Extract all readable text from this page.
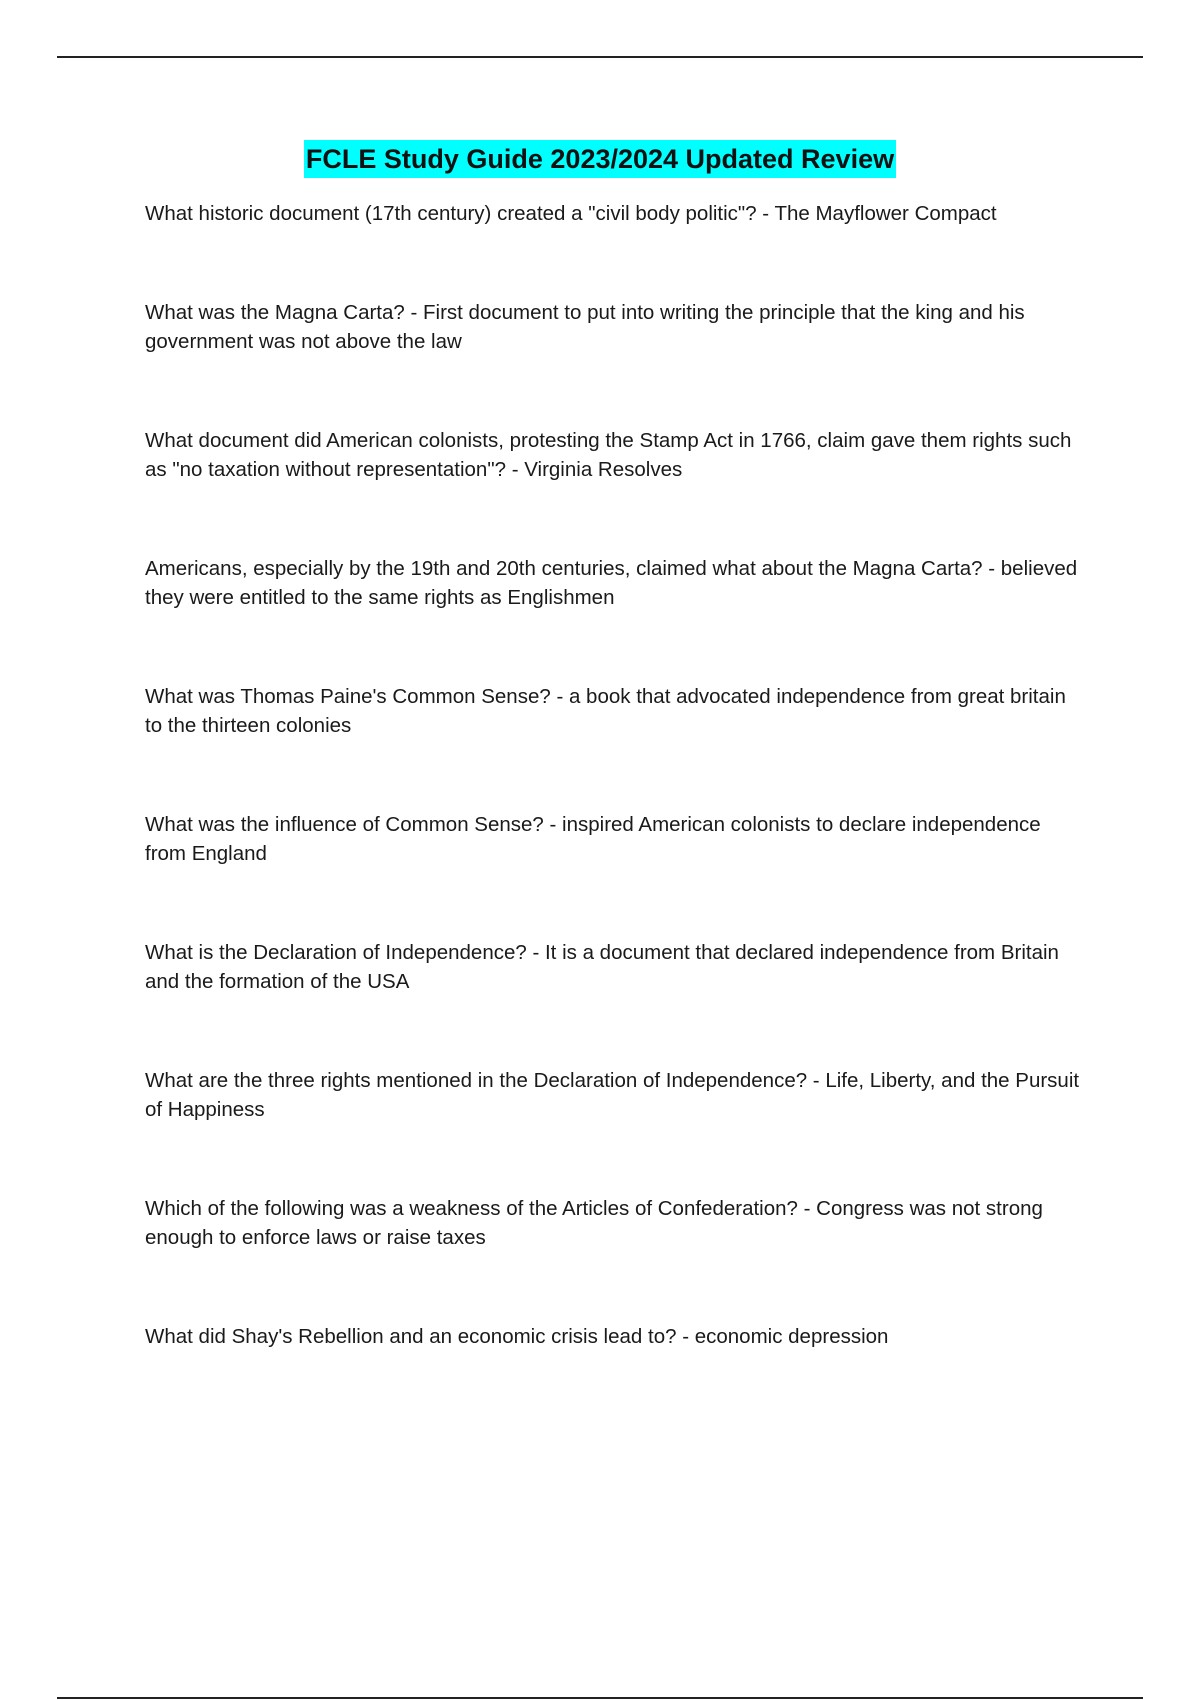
FCLE Study Guide 2023/2024 Updated Review

What historic document (17th century) created a "civil body politic"? - The Mayflower Compact

What was the Magna Carta? - First document to put into writing the principle that the king and his government was not above the law

What document did American colonists, protesting the Stamp Act in 1766, claim gave them rights such as "no taxation without representation"? - Virginia Resolves

Americans, especially by the 19th and 20th centuries, claimed what about the Magna Carta? - believed they were entitled to the same rights as Englishmen

What was Thomas Paine's Common Sense? - a book that advocated independence from great britain to the thirteen colonies

What was the influence of Common Sense? - inspired American colonists to declare independence from England

What is the Declaration of Independence? - It is a document that declared independence from Britain and the formation of the USA

What are the three rights mentioned in the Declaration of Independence? - Life, Liberty, and the Pursuit of Happiness

Which of the following was a weakness of the Articles of Confederation? - Congress was not strong enough to enforce laws or raise taxes

What did Shay's Rebellion and an economic crisis lead to? - economic depression
